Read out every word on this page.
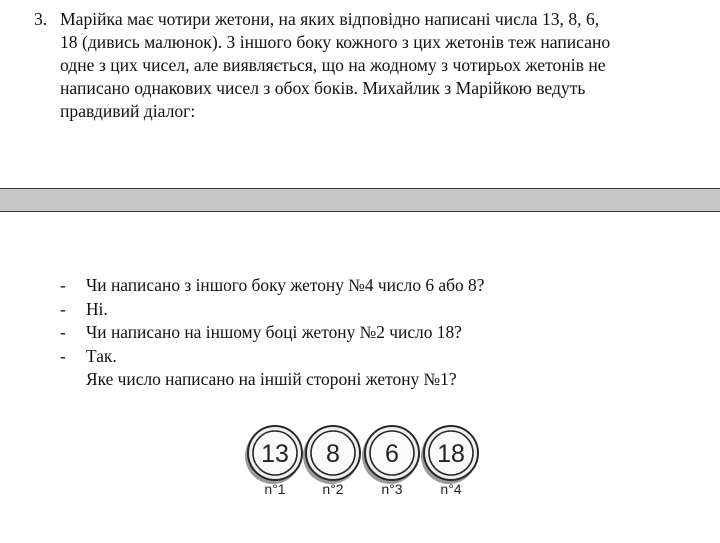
3. Марійка має чотири жетони, на яких відповідно написані числа 13, 8, 6,
18 (дивись малюнок). З іншого боку кожного з цих жетонів теж написано
одне з цих чисел, але виявляється, що на жодному з чотирьох жетонів не
написано однакових чисел з обох боків. Михайлик з Марійкою ведуть
правдивий діалог:
- Чи написано з іншого боку жетону №4 число 6 або 8?
- Ні.
- Чи написано на іншому боці жетону №2 число 18?
- Так.
Яке число написано на іншій стороні жетону №1?
13
n°1
8
n°2
6
n°3
18
n°4
